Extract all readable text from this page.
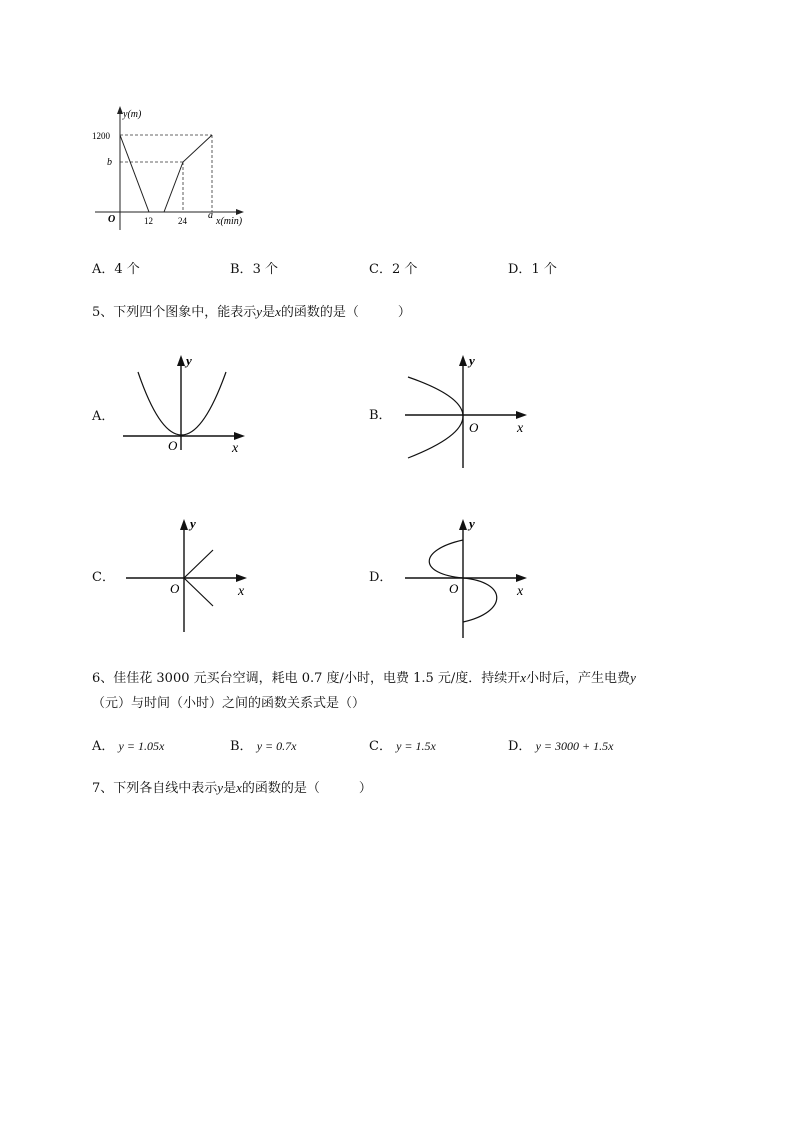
y(m)
1200
b
O	12	24 a
x(min)
A．4 个	B．3 个	C．2 个	D．1 个
5、下列四个图象中，能表示y是x的函数的是（　　　）
A．	B．
C．	D．
y
x
O
y
x
O
y
x
O
y
x
O
6、佳佳花 3000 元买台空调，耗电 0.7 度/小时，电费 1.5 元/度．持续开x小时后，产生电费y
（元）与时间（小时）之间的函数关系式是（）
A． y = 1.05x	B． y = 0.7x	C． y = 1.5x	D． y = 3000 + 1.5x
7、下列各自线中表示y是x的函数的是（　　　）
